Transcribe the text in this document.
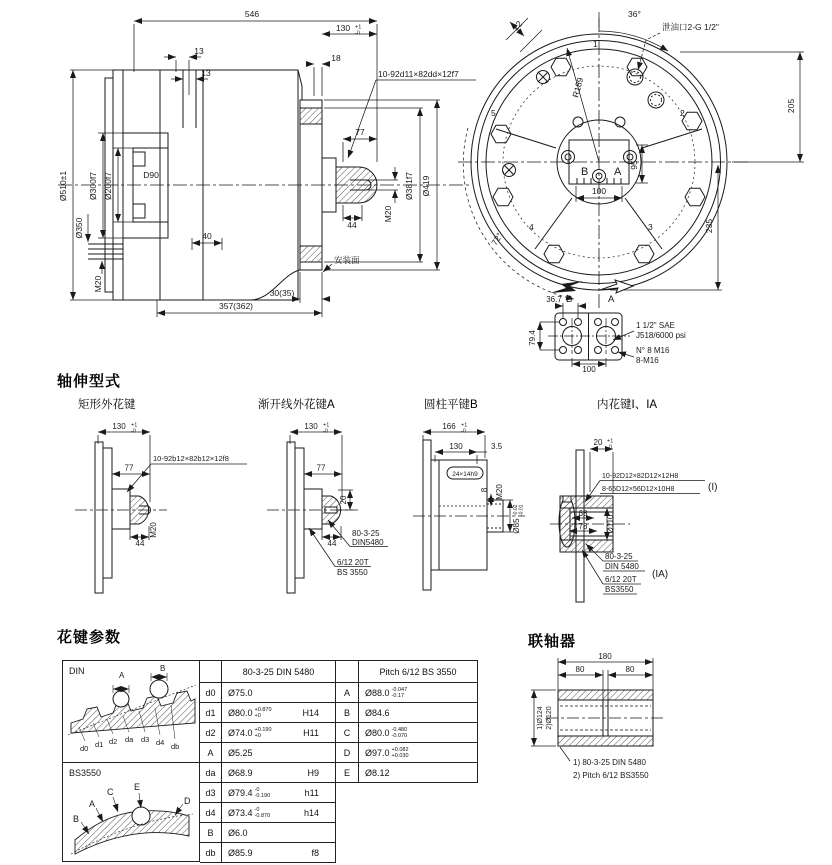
546
130 +1
-0
13
13
18
10-92d11×82dd×12f7
77
44
M20
Ø381f7 Ø419
Ø510±1 Ø300f7 Ø200f7	D90
Ø350
M20
40
安装面
30(35)
357(362)
36°
泄油口2-G 1/2"
22
R189
205
235
95
100
72°
B A
1
2
3
4
5
B	A
36.7
79.4
100
1 1/2" SAE
J518/6000 psi
N° 8 M16
8-M16
轴伸型式
矩形外花键	渐开线外花键A	圆柱平键B	内花键I、IA
130 +1
-0
10-92b12×82b12×12f8
77
44
M20
130 +1
-0
77
20
44
80-3-25
DIN5480
6/12 20T
BS 3550
166 +1
-0
130	3.5
24×14h9
8 M20
Ø85
-0.02 -0.01
20 +1
-0
10-92D12×82D12×12H8
8-65D12×56D12×10H8	(I)
68
78 Ø110
80-3-25
DIN 5480
(IA)
6/12 20T
BS3550
花键参数
DIN	A
B
d0 d1 d2 da d3 d4 db
BS3550
A
B
C
D
E
80-3-25 DIN 5480	Pitch 6/12 BS 3550
d0	Ø75.0	A	Ø88.0 -0.047
-0.17
d1	Ø80.0 +0.870
+0	H14	B	Ø84.6
d2	Ø74.0 +0.190
+0	H11	C	Ø80.0 -0.480
-0.070
A	Ø5.25	D	Ø97.0 +0.082
+0.030
da	Ø68.9	H9	E	Ø8.12
d3	Ø79.4 -0
-0.190	h11
d4	Ø73.4 -0
-0.870	h14
B	Ø6.0
db	Ø85.9	f8
联轴器
180
80	80
1)Ø124 2)Ø120
1) 80-3-25 DIN 5480
2) Pitch 6/12 BS3550
